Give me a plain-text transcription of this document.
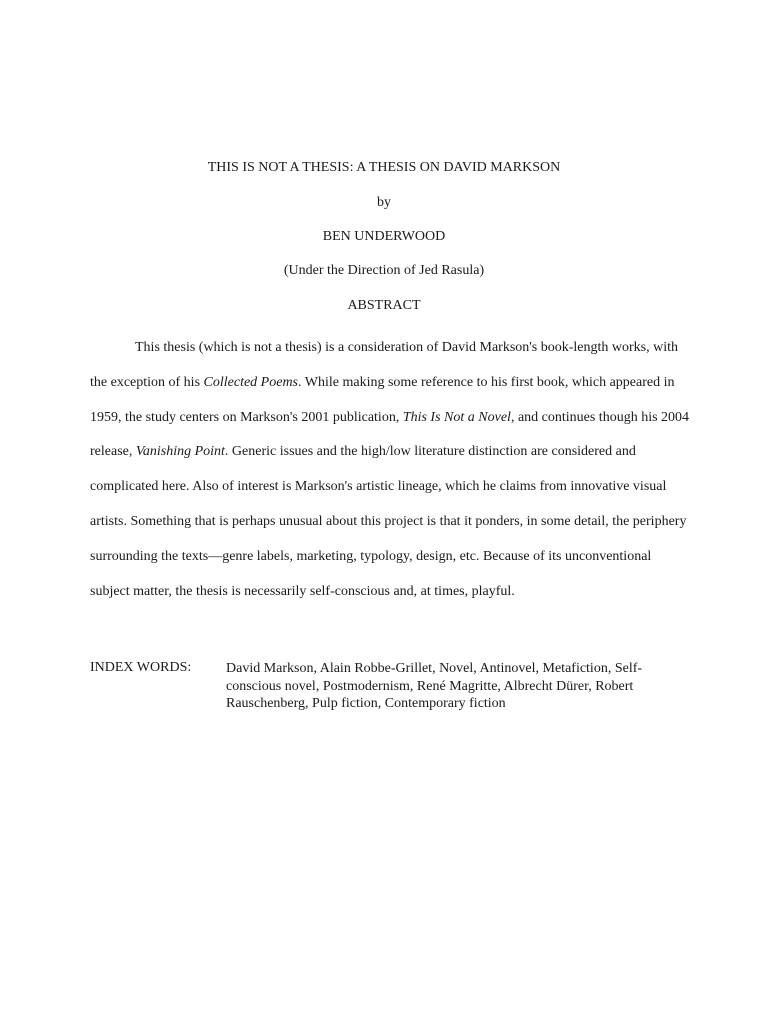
THIS IS NOT A THESIS: A THESIS ON DAVID MARKSON
by
BEN UNDERWOOD
(Under the Direction of Jed Rasula)
ABSTRACT

This thesis (which is not a thesis) is a consideration of David Markson's book-length works, with the exception of his Collected Poems. While making some reference to his first book, which appeared in 1959, the study centers on Markson's 2001 publication, This Is Not a Novel, and continues though his 2004 release, Vanishing Point. Generic issues and the high/low literature distinction are considered and complicated here. Also of interest is Markson's artistic lineage, which he claims from innovative visual artists. Something that is perhaps unusual about this project is that it ponders, in some detail, the periphery surrounding the texts—genre labels, marketing, typology, design, etc. Because of its unconventional subject matter, the thesis is necessarily self-conscious and, at times, playful.

INDEX WORDS: David Markson, Alain Robbe-Grillet, Novel, Antinovel, Metafiction, Self-conscious novel, Postmodernism, René Magritte, Albrecht Dürer, Robert Rauschenberg, Pulp fiction, Contemporary fiction
